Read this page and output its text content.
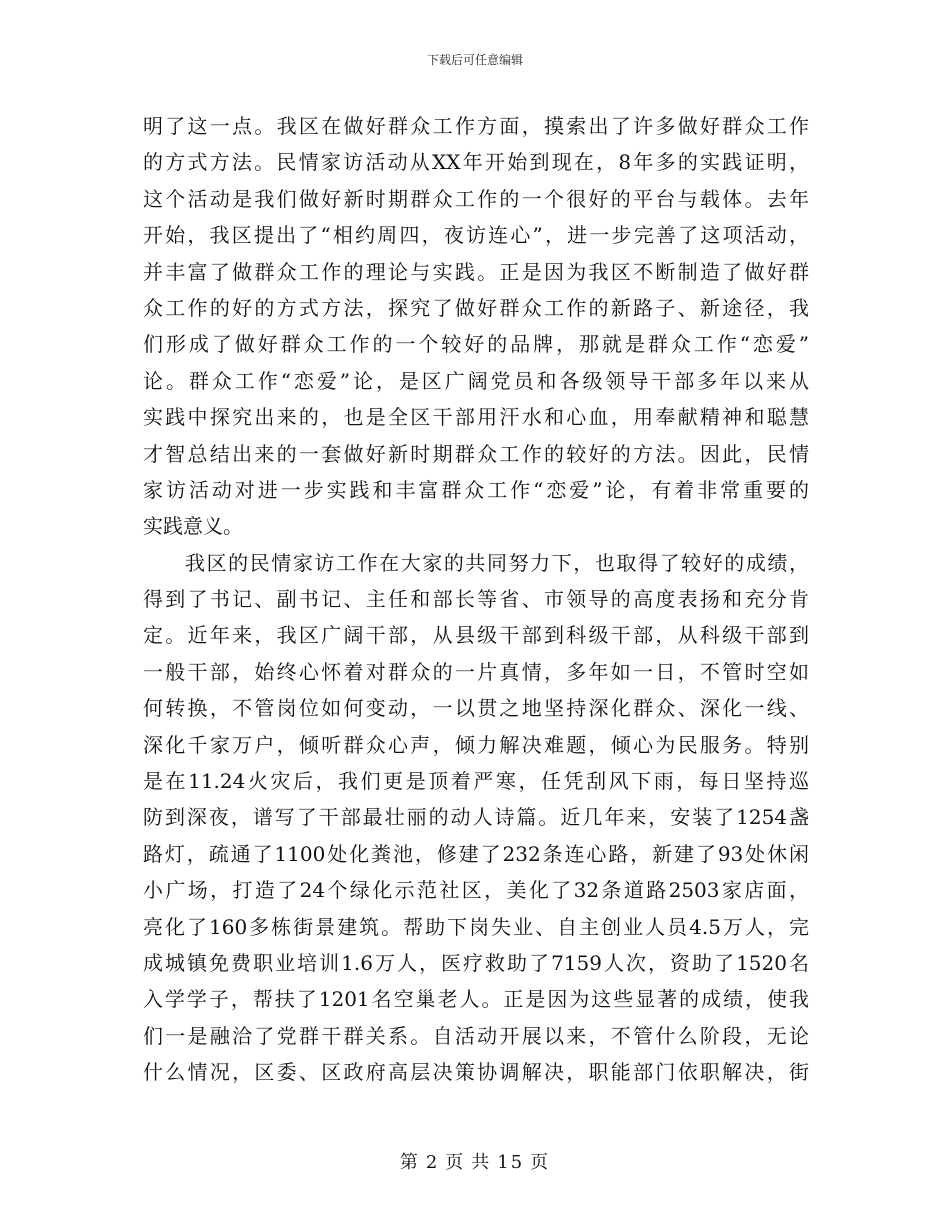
下载后可任意编辑
明了这一点。我区在做好群众工作方面，摸索出了许多做好群众工作
的方式方法。民情家访活动从XX年开始到现在，8年多的实践证明，
这个活动是我们做好新时期群众工作的一个很好的平台与载体。去年
开始，我区提出了“相约周四，夜访连心”，进一步完善了这项活动，
并丰富了做群众工作的理论与实践。正是因为我区不断制造了做好群
众工作的好的方式方法，探究了做好群众工作的新路子、新途径，我
们形成了做好群众工作的一个较好的品牌，那就是群众工作“恋爱”
论。群众工作“恋爱”论，是区广阔党员和各级领导干部多年以来从
实践中探究出来的，也是全区干部用汗水和心血，用奉献精神和聪慧
才智总结出来的一套做好新时期群众工作的较好的方法。因此，民情
家访活动对进一步实践和丰富群众工作“恋爱”论，有着非常重要的
实践意义。
我区的民情家访工作在大家的共同努力下，也取得了较好的成绩，
得到了书记、副书记、主任和部长等省、市领导的高度表扬和充分肯
定。近年来，我区广阔干部，从县级干部到科级干部，从科级干部到
一般干部，始终心怀着对群众的一片真情，多年如一日，不管时空如
何转换，不管岗位如何变动，一以贯之地坚持深化群众、深化一线、
深化千家万户，倾听群众心声，倾力解决难题，倾心为民服务。特别
是在11.24火灾后，我们更是顶着严寒，任凭刮风下雨，每日坚持巡
防到深夜，谱写了干部最壮丽的动人诗篇。近几年来，安装了1254盏
路灯，疏通了1100处化粪池，修建了232条连心路，新建了93处休闲
小广场，打造了24个绿化示范社区，美化了32条道路2503家店面，
亮化了160多栋街景建筑。帮助下岗失业、自主创业人员4.5万人，完
成城镇免费职业培训1.6万人，医疗救助了7159人次，资助了1520名
入学学子，帮扶了1201名空巢老人。正是因为这些显著的成绩，使我
们一是融洽了党群干群关系。自活动开展以来，不管什么阶段，无论
什么情况，区委、区政府高层决策协调解决，职能部门依职解决，街
第 2 页 共 15 页
